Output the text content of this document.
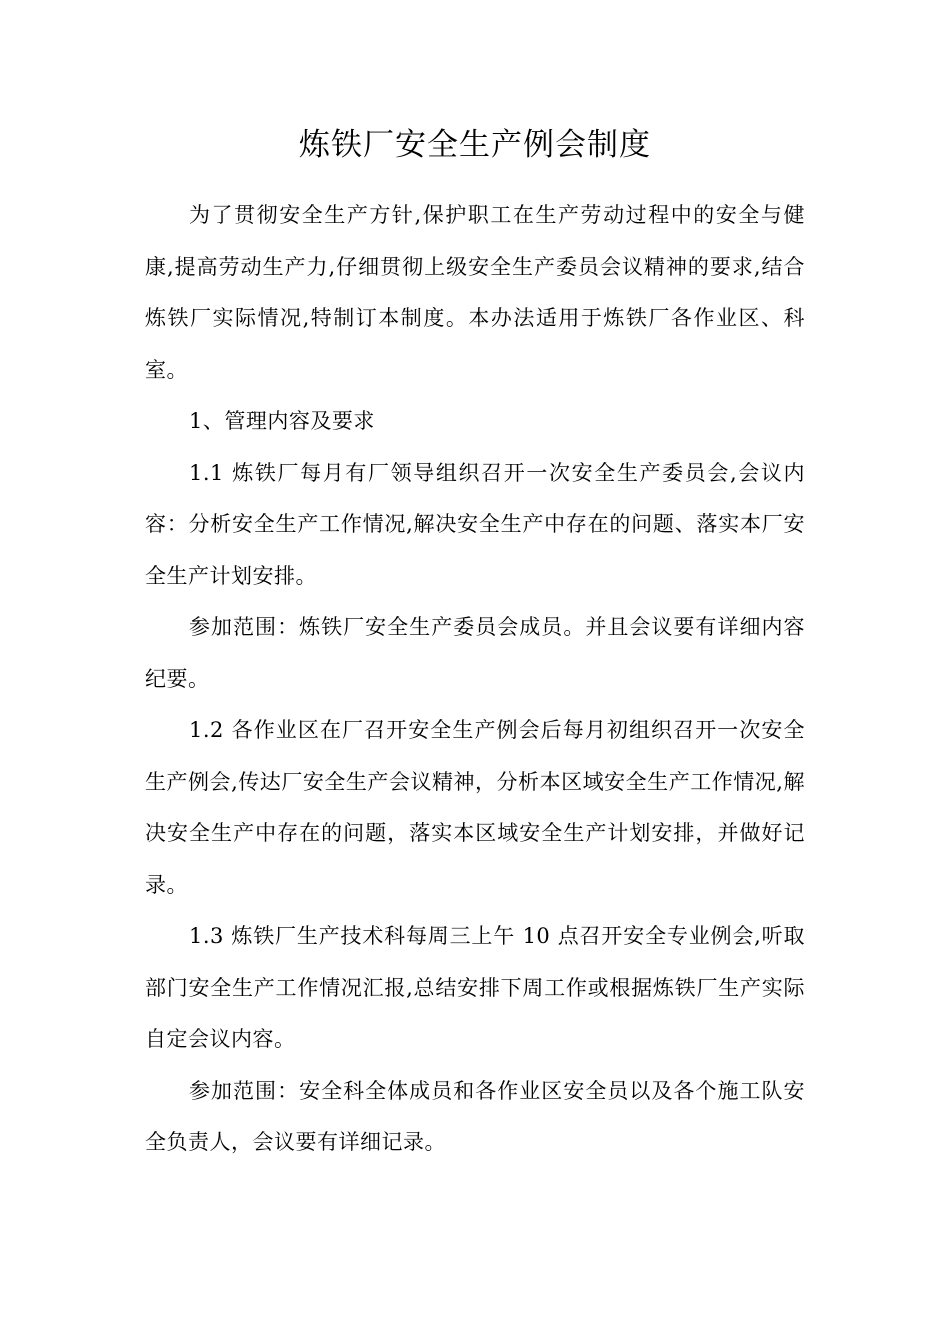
炼铁厂安全生产例会制度

为了贯彻安全生产方针,保护职工在生产劳动过程中的安全与健康,提高劳动生产力,仔细贯彻上级安全生产委员会议精神的要求,结合炼铁厂实际情况,特制订本制度。本办法适用于炼铁厂各作业区、科室。

1、管理内容及要求

1.1 炼铁厂每月有厂领导组织召开一次安全生产委员会,会议内容：分析安全生产工作情况,解决安全生产中存在的问题、落实本厂安全生产计划安排。

参加范围：炼铁厂安全生产委员会成员。并且会议要有详细内容纪要。

1.2 各作业区在厂召开安全生产例会后每月初组织召开一次安全生产例会,传达厂安全生产会议精神，分析本区域安全生产工作情况,解决安全生产中存在的问题，落实本区域安全生产计划安排，并做好记录。

1.3 炼铁厂生产技术科每周三上午 10 点召开安全专业例会,听取部门安全生产工作情况汇报,总结安排下周工作或根据炼铁厂生产实际自定会议内容。

参加范围：安全科全体成员和各作业区安全员以及各个施工队安全负责人，会议要有详细记录。
